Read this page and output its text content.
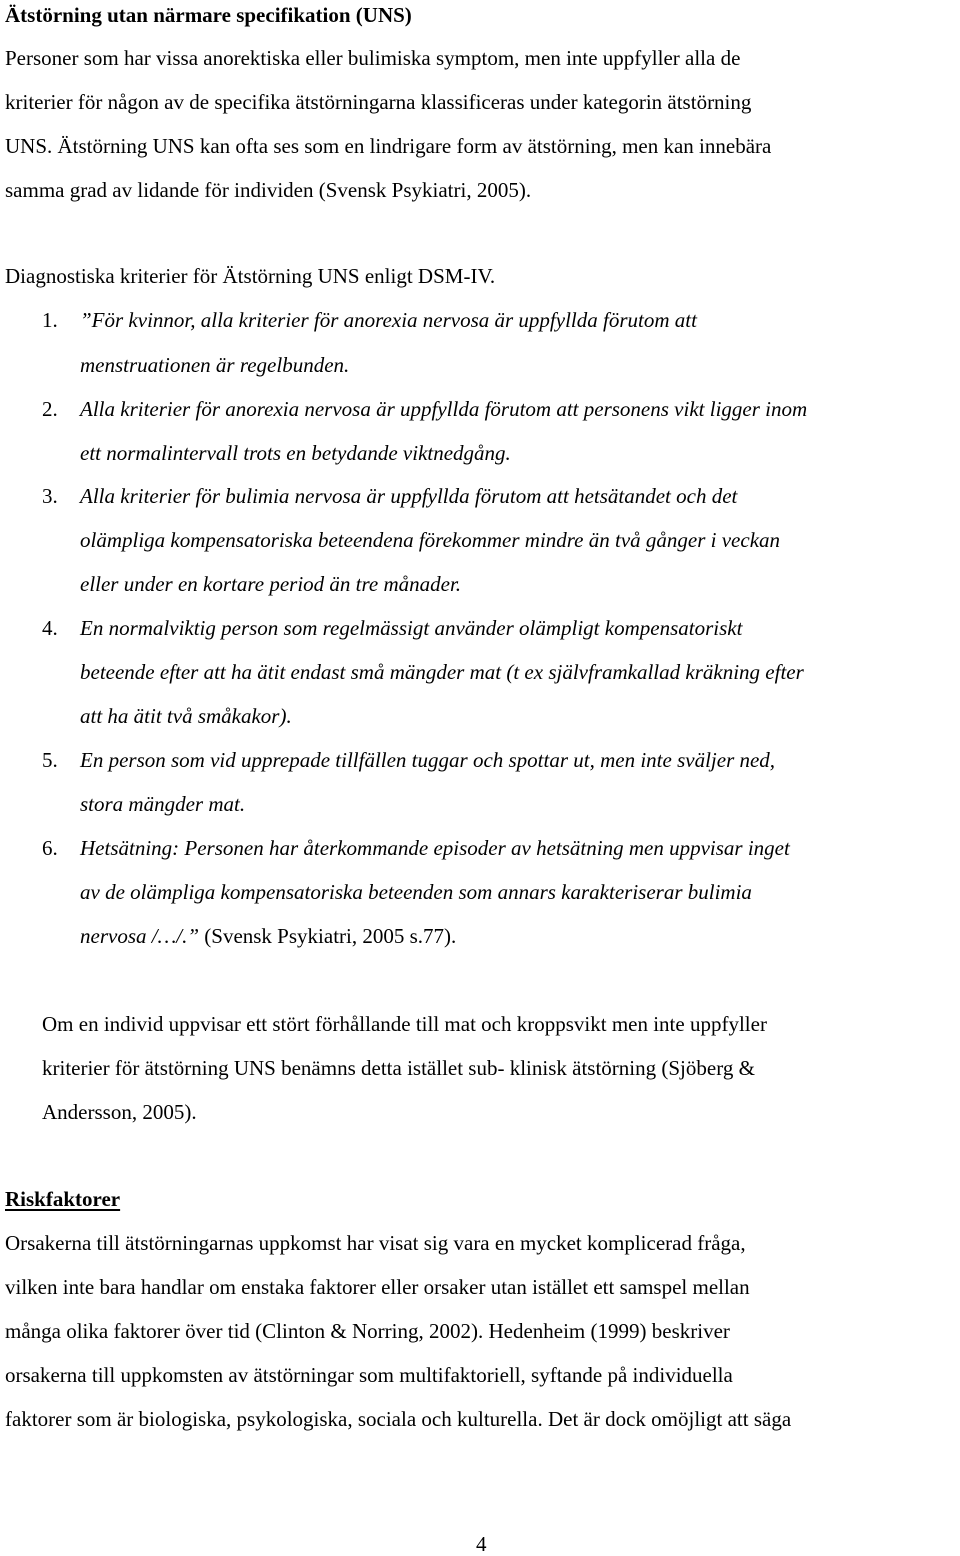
Ätstörning utan närmare specifikation (UNS)
Personer som har vissa anorektiska eller bulimiska symptom, men inte uppfyller alla de
kriterier för någon av de specifika ätstörningarna klassificeras under kategorin ätstörning
UNS. Ätstörning UNS kan ofta ses som en lindrigare form av ätstörning, men kan innebära
samma grad av lidande för individen (Svensk Psykiatri, 2005).
Diagnostiska kriterier för Ätstörning UNS enligt DSM-IV.
1. ”För kvinnor, alla kriterier för anorexia nervosa är uppfyllda förutom att
menstruationen är regelbunden.
2. Alla kriterier för anorexia nervosa är uppfyllda förutom att personens vikt ligger inom
ett normalintervall trots en betydande viktnedgång.
3. Alla kriterier för bulimia nervosa är uppfyllda förutom att hetsätandet och det
olämpliga kompensatoriska beteendena förekommer mindre än två gånger i veckan
eller under en kortare period än tre månader.
4. En normalviktig person som regelmässigt använder olämpligt kompensatoriskt
beteende efter att ha ätit endast små mängder mat (t ex självframkallad kräkning efter
att ha ätit två småkakor).
5. En person som vid upprepade tillfällen tuggar och spottar ut, men inte sväljer ned,
stora mängder mat.
6. Hetsätning: Personen har återkommande episoder av hetsätning men uppvisar inget
av de olämpliga kompensatoriska beteenden som annars karakteriserar bulimia
nervosa /…/.” (Svensk Psykiatri, 2005 s.77).
Om en individ uppvisar ett stört förhållande till mat och kroppsvikt men inte uppfyller
kriterier för ätstörning UNS benämns detta istället sub- klinisk ätstörning (Sjöberg &
Andersson, 2005).
Riskfaktorer
Orsakerna till ätstörningarnas uppkomst har visat sig vara en mycket komplicerad fråga,
vilken inte bara handlar om enstaka faktorer eller orsaker utan istället ett samspel mellan
många olika faktorer över tid (Clinton & Norring, 2002). Hedenheim (1999) beskriver
orsakerna till uppkomsten av ätstörningar som multifaktoriell, syftande på individuella
faktorer som är biologiska, psykologiska, sociala och kulturella. Det är dock omöjligt att säga
4
